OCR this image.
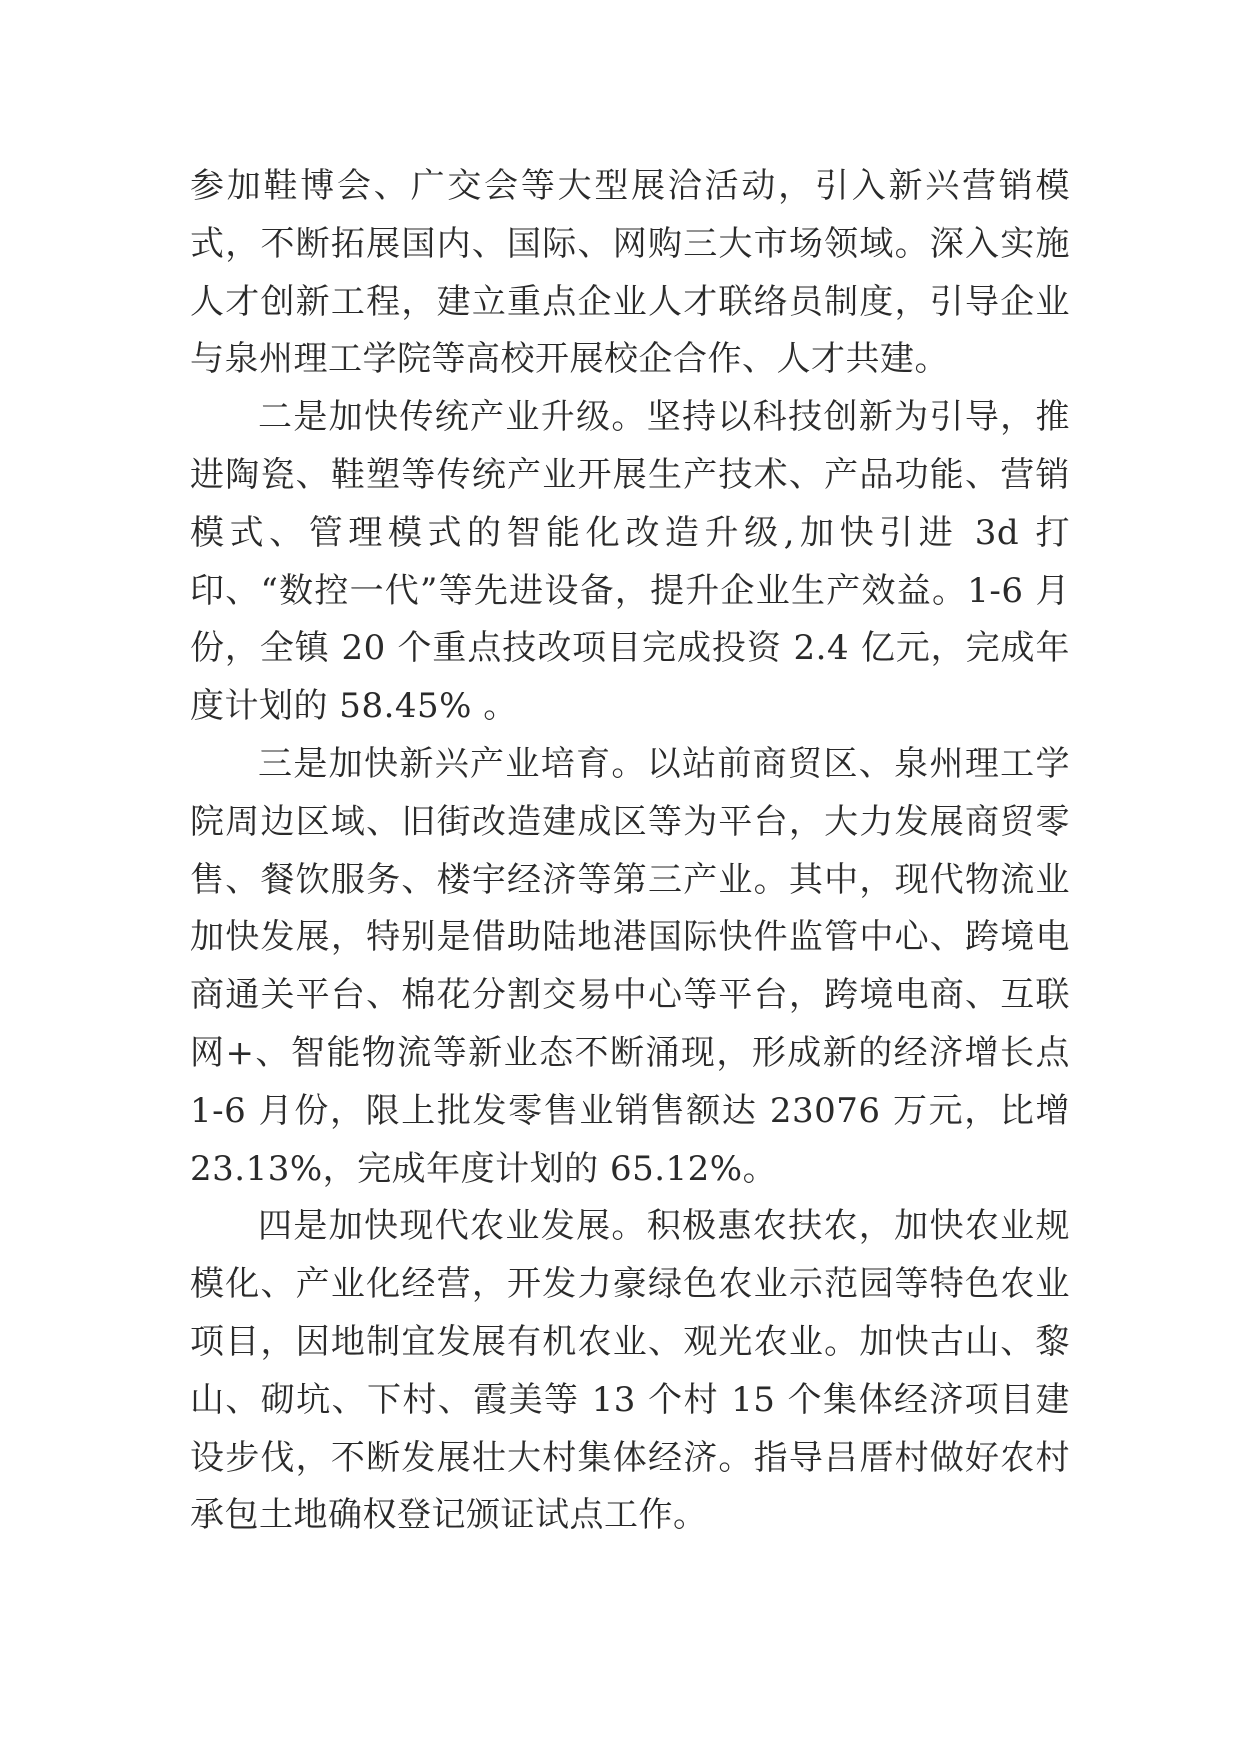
参加鞋博会、广交会等大型展洽活动，引入新兴营销模式，不断拓展国内、国际、网购三大市场领域。深入实施人才创新工程，建立重点企业人才联络员制度，引导企业与泉州理工学院等高校开展校企合作、人才共建。

二是加快传统产业升级。坚持以科技创新为引导，推进陶瓷、鞋塑等传统产业开展生产技术、产品功能、营销模式、管理模式的智能化改造升级,加快引进 3d 打印、“数控一代”等先进设备，提升企业生产效益。1-6 月份，全镇 20 个重点技改项目完成投资 2.4 亿元，完成年度计划的 58.45% 。

三是加快新兴产业培育。以站前商贸区、泉州理工学院周边区域、旧街改造建成区等为平台，大力发展商贸零售、餐饮服务、楼宇经济等第三产业。其中，现代物流业加快发展，特别是借助陆地港国际快件监管中心、跨境电商通关平台、棉花分割交易中心等平台，跨境电商、互联网+、智能物流等新业态不断涌现，形成新的经济增长点 1-6 月份，限上批发零售业销售额达 23076 万元，比增 23.13%，完成年度计划的 65.12%。

四是加快现代农业发展。积极惠农扶农，加快农业规模化、产业化经营，开发力豪绿色农业示范园等特色农业项目，因地制宜发展有机农业、观光农业。加快古山、黎山、砌坑、下村、霞美等 13 个村 15 个集体经济项目建设步伐，不断发展壮大村集体经济。指导吕厝村做好农村承包土地确权登记颁证试点工作。
